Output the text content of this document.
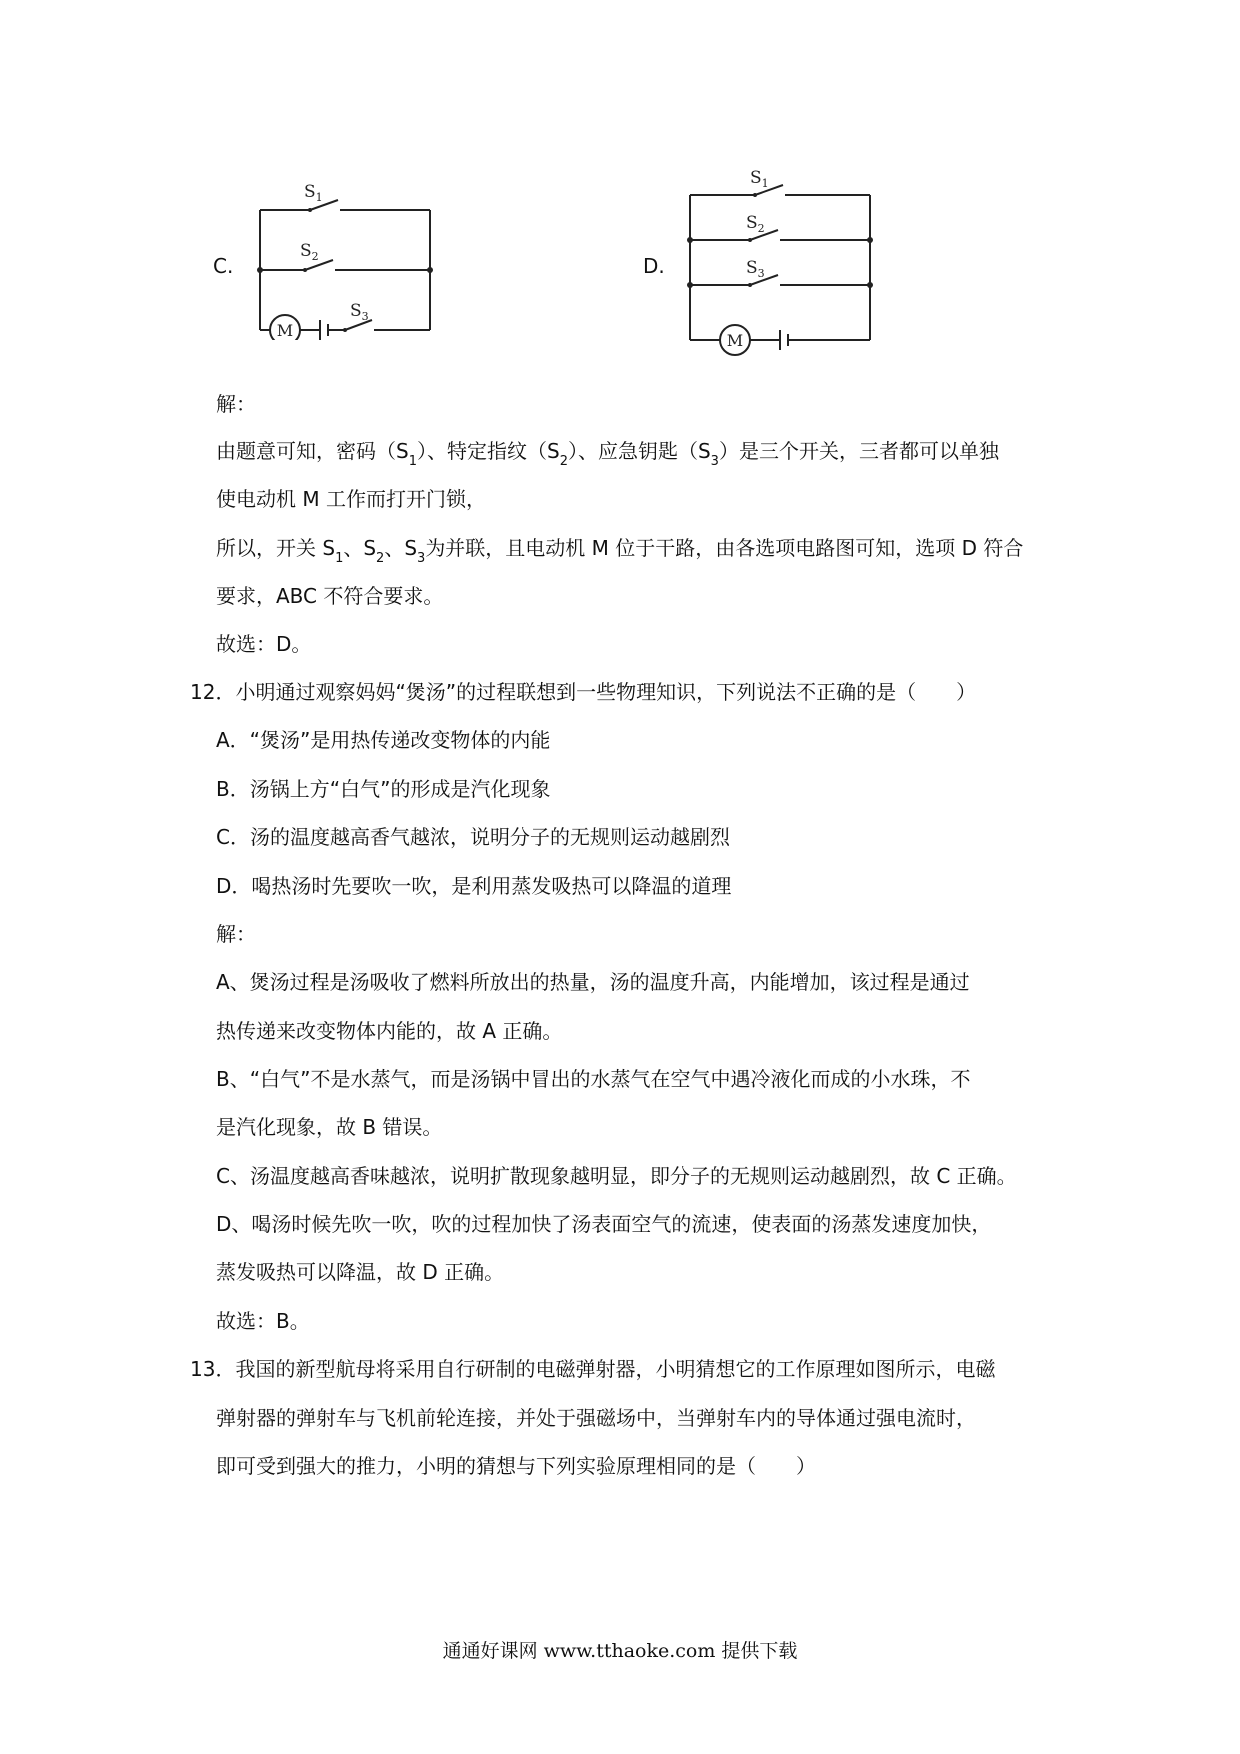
C.	D.
$S_1$
$S_2$
$S_3$
M
$S_1$
$S_2$
$S_3$
M
解：
由题意可知，密码$(S_1)$、特定指纹$(S_2)$、应急钥匙$(S_3)$是三个开关，三者都可以单独
使电动机 M 工作而打开门锁，
所以，开关 $S_1$、$S_2$、$S_3$为并联，且电动机 M 位于干路，由各选项电路图可知，选项 D 符合
要求，ABC 不符合要求。
故选：D。
12．小明通过观察妈妈“煲汤”的过程联想到一些物理知识，下列说法不正确的是（　　）
A．“煲汤”是用热传递改变物体的内能
B．汤锅上方“白气”的形成是汽化现象
C．汤的温度越高香气越浓，说明分子的无规则运动越剧烈
D．喝热汤时先要吹一吹，是利用蒸发吸热可以降温的道理
解：
A、煲汤过程是汤吸收了燃料所放出的热量，汤的温度升高，内能增加，该过程是通过
热传递来改变物体内能的，故 A 正确。
B、“白气”不是水蒸气，而是汤锅中冒出的水蒸气在空气中遇冷液化而成的小水珠，不
是汽化现象，故 B 错误。
C、汤温度越高香味越浓，说明扩散现象越明显，即分子的无规则运动越剧烈，故 C 正确。
D、喝汤时候先吹一吹，吹的过程加快了汤表面空气的流速，使表面的汤蒸发速度加快，
蒸发吸热可以降温，故 D 正确。
故选：B。
13．我国的新型航母将采用自行研制的电磁弹射器，小明猜想它的工作原理如图所示，电磁
弹射器的弹射车与飞机前轮连接，并处于强磁场中，当弹射车内的导体通过强电流时，
即可受到强大的推力，小明的猜想与下列实验原理相同的是（　　）
通通好课网 www.tthaoke.com 提供下载
